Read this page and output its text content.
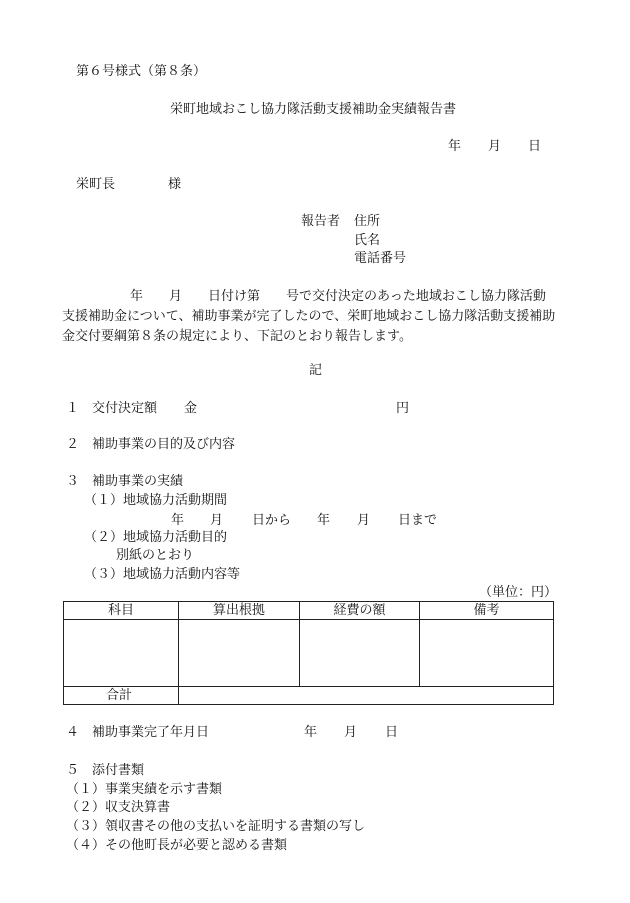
第６号様式（第８条）
栄町地域おこし協力隊活動支援補助金実績報告書
年 月 日
栄町長	様
報告者 住所
氏名
電話番号
年　　月　　日付け第　　号で交付決定のあった地域おこし協力隊活動
支援補助金について、補助事業が完了したので、栄町地域おこし協力隊活動支援補助
金交付要綱第８条の規定により、下記のとおり報告します。
記
１　交付決定額 金	円
２　補助事業の目的及び内容
３　補助事業の実績
（１）地域協力活動期間
年 月 日から 年 月 日まで
（２）地域協力活動目的
別紙のとおり
（３）地域協力活動内容等
（単位：円）
科目	算出根拠	経費の額	備考

合計			
４　補助事業完了年月日	年 月 日
５　添付書類
（１）事業実績を示す書類
（２）収支決算書
（３）領収書その他の支払いを証明する書類の写し
（４）その他町長が必要と認める書類
